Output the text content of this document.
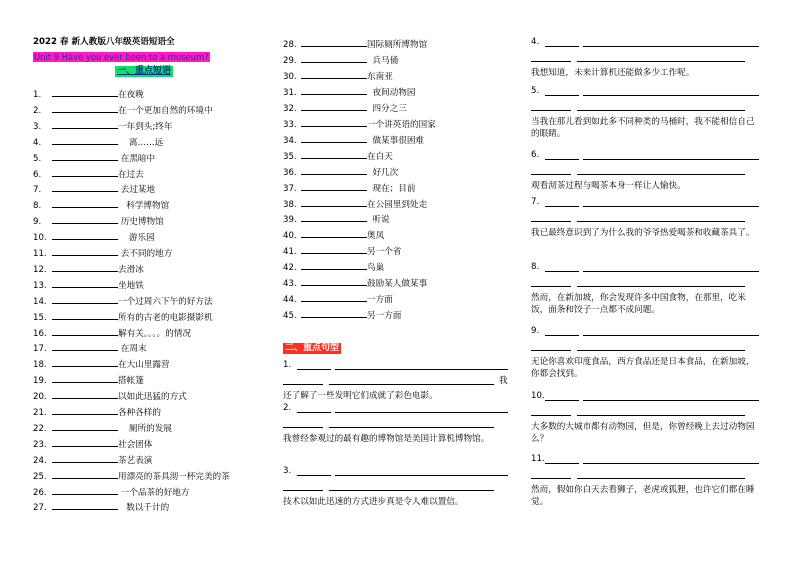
2022 春 新人教版八年级英语短语全
Unit 9 Have you ever been to a museum?
一、重点短语
1.	在夜晚
2.	在一个更加自然的环境中
3.	一年到头;终年
4.	离……远
5.	在黑暗中
6.	在过去
7.	去过某地
8.	科学博物馆
9.	历史博物馆
10.	游乐园
11.	去不同的地方
12.	去滑冰
13.	坐地铁
14.	一个过周六下午的好方法
15.	所有的古老的电影摄影机
16.	解有关。。。。的情况
17.	在周末
18.	在大山里露营
19.	搭帐篷
20.	以如此迅猛的方式
21.	各种各样的
22.	厕所的发展
23.	社会团体
24.	茶艺表演
25.	用漂亮的茶具沏一杯完美的茶
26.	一个品茶的好地方
27.	数以千计的
28.	国际厕所博物馆
29.	兵马俑
30.	东南亚
31.	夜间动物园
32.	四分之三
33.	一个讲英语的国家
34.	做某事很困难
35.	在白天
36.	好几次
37.	现在；目前
38.	在公园里到处走
39.	听说
40.	奥凤
41.	另一个省
42.	鸟巢
43.	鼓励某人做某事
44.	一方面
45.	另一方面
二、重点句型
1.
我
还了解了一些发明它们成就了彩色电影。
2.
我曾经参观过的最有趣的博物馆是美国计算机博物馆。
3.
技术以如此迅速的方式进步真是令人难以置信。
4.
我想知道，未来计算机还能做多少工作呢。
5.
当我在那儿看到如此多不同种类的马桶时，我不能相信自己的眼睛。
6.
观看沏茶过程与喝茶本身一样让人愉快。
7.
我已最终意识到了为什么我的爷爷热爱喝茶和收藏茶具了。
8.
然而，在新加坡，你会发现许多中国食物，在那里，吃米饭，面条和饺子一点都不成问题。
9.
无论你喜欢印度食品，西方食品还是日本食品，在新加坡，你都会找到。
10.
大多数的大城市都有动物园，但是，你曾经晚上去过动物园么？
11.
然而，假如你白天去看狮子，老虎或狐狸，也许它们都在睡觉。
